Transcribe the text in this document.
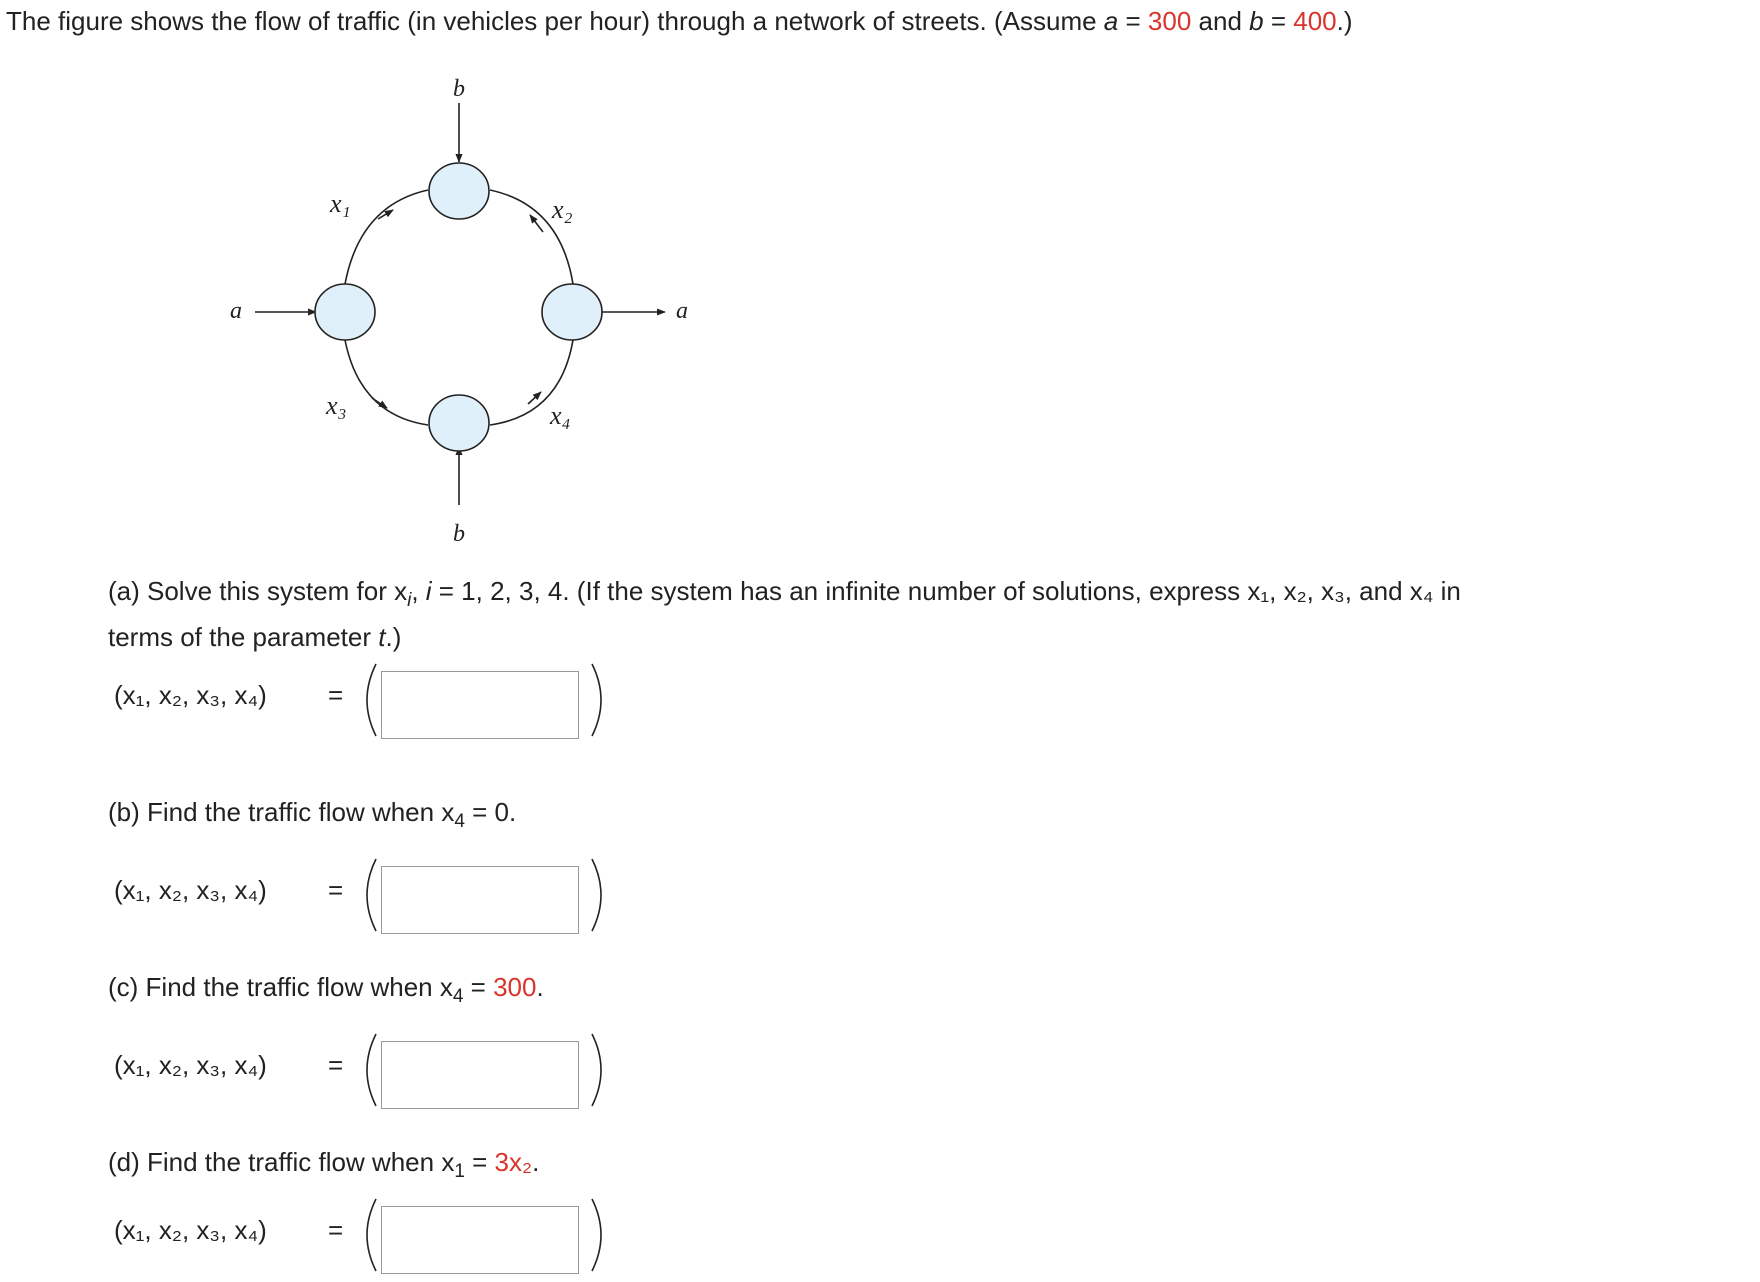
The figure shows the flow of traffic (in vehicles per hour) through a network of streets. (Assume a = 300 and b = 400.)
b
b
a	a
x₁	x₂
x₃	x₄
(a) Solve this system for $x_i$, i = 1, 2, 3, 4. (If the system has an infinite number of solutions, express x₁, x₂, x₃, and x₄ in
terms of the parameter t.)
(x₁, x₂, x₃, x₄) =
(b) Find the traffic flow when $x_4 = 0$.
(x₁, x₂, x₃, x₄) =
(c) Find the traffic flow when $x_4 = 300$.
(x₁, x₂, x₃, x₄) =
(d) Find the traffic flow when $x_1 = 3x_2$.
(x₁, x₂, x₃, x₄) =
